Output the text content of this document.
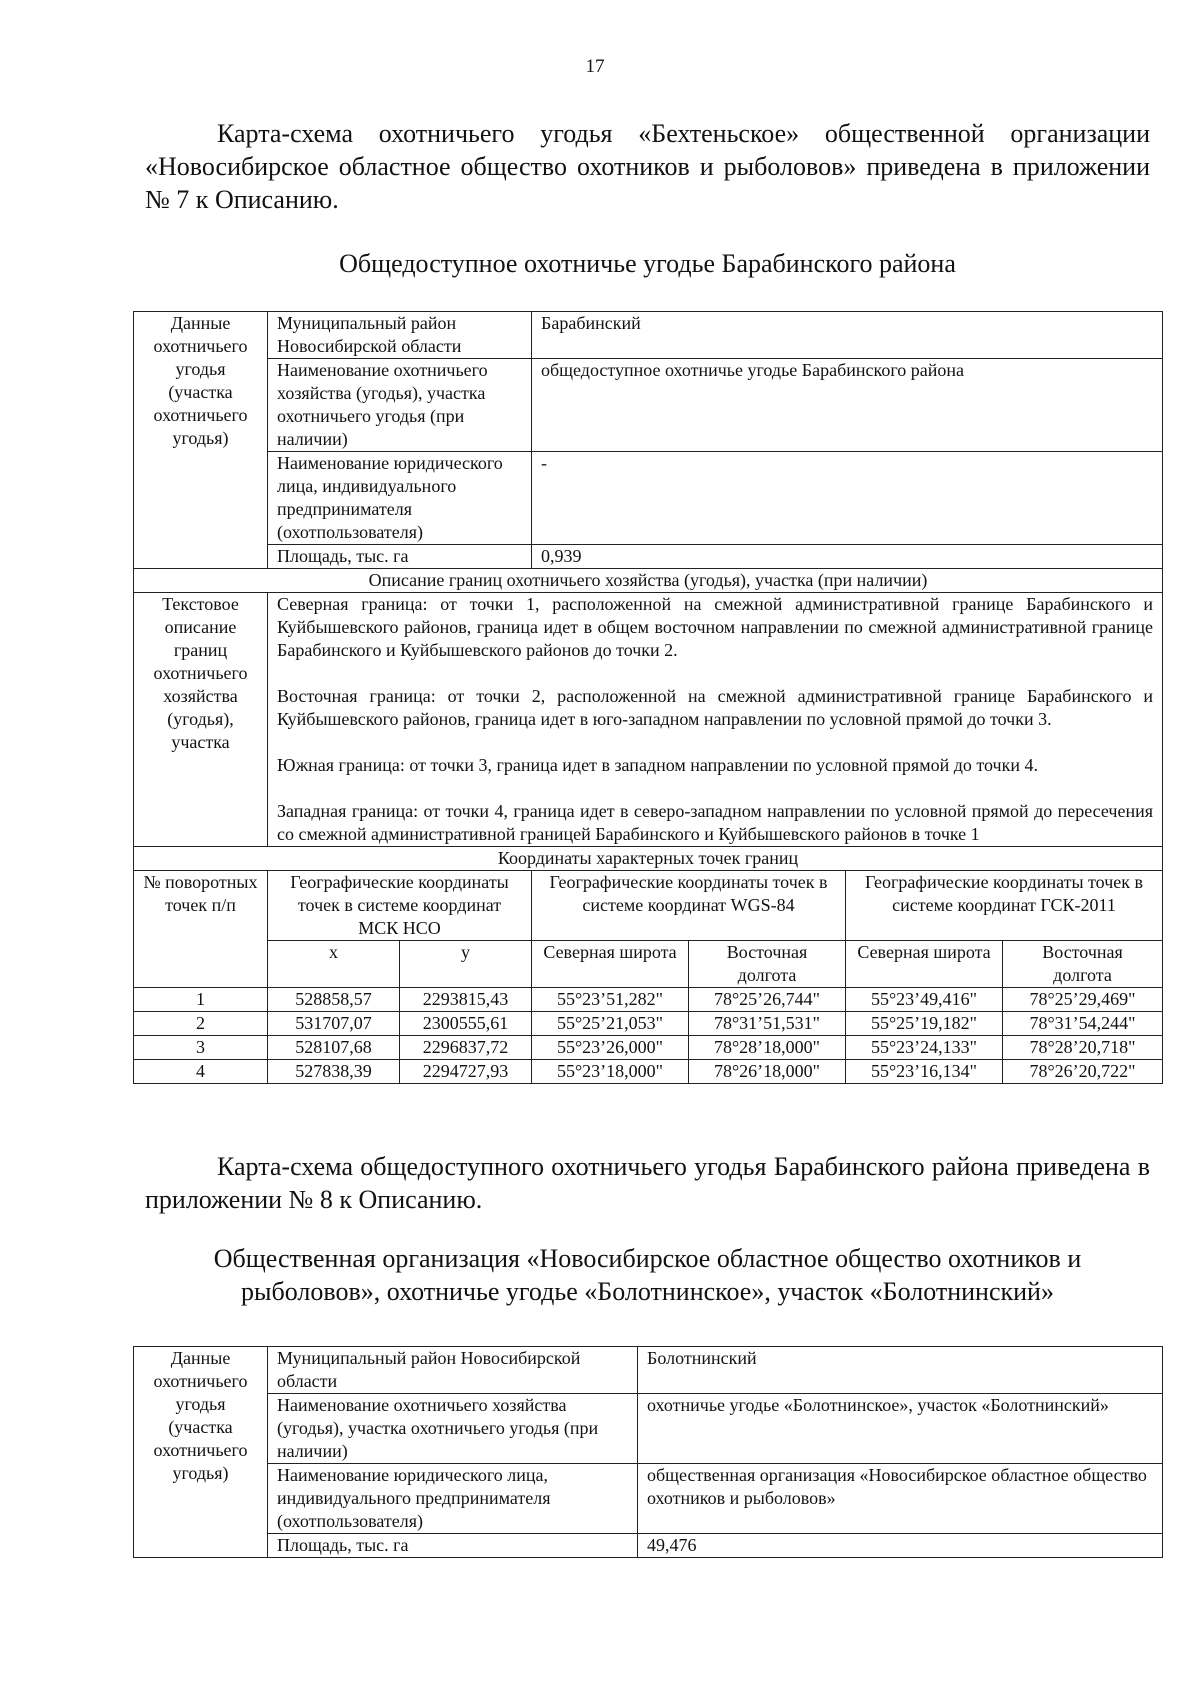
17

Карта-схема охотничьего угодья «Бехтеньское» общественной организации «Новосибирское областное общество охотников и рыболовов» приведена в приложении № 7 к Описанию.

Общедоступное охотничье угодье Барабинского района

Данные охотничьего угодья (участка охотничьего угодья)	Муниципальный район Новосибирской области		Барабинский			
	Наименование охотничьего хозяйства (угодья), участка охотничьего угодья (при наличии)		общедоступное охотничье угодье Барабинского района			
	Наименование юридического лица, индивидуального предпринимателя (охотпользователя)		-			
	Площадь, тыс. га		0,939			
Описание границ охотничьего хозяйства (угодья), участка (при наличии)						
Текстовое описание границ охотничьего хозяйства (угодья), участка	Северная граница: от точки 1, расположенной на смежной административной границе Барабинского и Куйбышевского районов, граница идет в общем восточном направлении по смежной административной границе Барабинского и Куйбышевского районов до точки 2.
Восточная граница: от точки 2, расположенной на смежной административной границе Барабинского и Куйбышевского районов, граница идет в юго-западном направлении по условной прямой до точки 3.
Южная граница: от точки 3, граница идет в западном направлении по условной прямой до точки 4.
Западная граница: от точки 4, граница идет в северо-западном направлении по условной прямой до пересечения со смежной административной границей Барабинского и Куйбышевского районов в точке 1					
Координаты характерных точек границ						
№ поворотных точек п/п	Географические координаты точек в системе координат МСК НСО		Географические координаты точек в системе координат WGS-84		Географические координаты точек в системе координат ГСК-2011	
	x	y	Северная широта	Восточная долгота	Северная широта	Восточная долгота
1	528858,57	2293815,43	55°23’51,282"	78°25’26,744"	55°23’49,416"	78°25’29,469"
2	531707,07	2300555,61	55°25’21,053"	78°31’51,531"	55°25’19,182"	78°31’54,244"
3	528107,68	2296837,72	55°23’26,000"	78°28’18,000"	55°23’24,133"	78°28’20,718"
4	527838,39	2294727,93	55°23’18,000"	78°26’18,000"	55°23’16,134"	78°26’20,722"

Карта-схема общедоступного охотничьего угодья Барабинского района приведена в приложении № 8 к Описанию.

Общественная организация «Новосибирское областное общество охотников и рыболовов», охотничье угодье «Болотнинское», участок «Болотнинский»

Данные охотничьего угодья (участка охотничьего угодья)	Муниципальный район Новосибирской области	Болотнинский
	Наименование охотничьего хозяйства (угодья), участка охотничьего угодья (при наличии)	охотничье угодье «Болотнинское», участок «Болотнинский»
	Наименование юридического лица, индивидуального предпринимателя (охотпользователя)	общественная организация «Новосибирское областное общество охотников и рыболовов»
	Площадь, тыс. га	49,476
